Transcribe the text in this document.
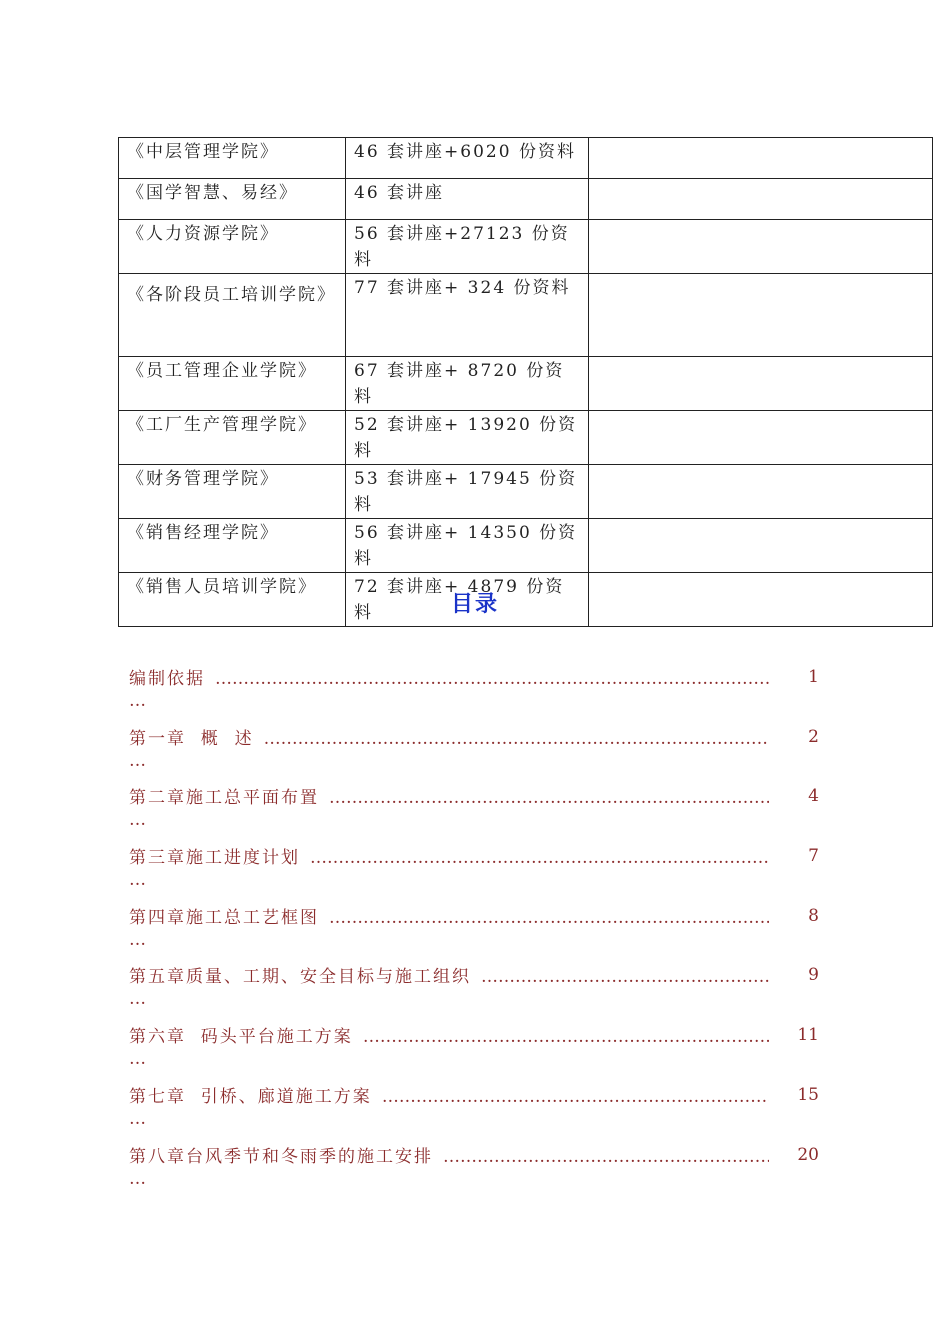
《中层管理学院》	46 套讲座+6020 份资料	
《国学智慧、易经》	46 套讲座	
《人力资源学院》	56 套讲座+27123 份资料	
《各阶段员工培训学院》	77 套讲座+ 324 份资料	
《员工管理企业学院》	67 套讲座+ 8720 份资料	
《工厂生产管理学院》	52 套讲座+ 13920 份资料	
《财务管理学院》	53 套讲座+ 17945 份资料	
《销售经理学院》	56 套讲座+ 14350 份资料	
《销售人员培训学院》	72 套讲座+ 4879 份资料		目录
编制依据 …………………………………………………………………………………………………………………………………………………………	1
…
第一章  概  述 …………………………………………………………………………………………………………………………………………………………	2
…
第二章施工总平面布置 …………………………………………………………………………………………………………………………………………………………	4
…
第三章施工进度计划 …………………………………………………………………………………………………………………………………………………………	7
…
第四章施工总工艺框图 …………………………………………………………………………………………………………………………………………………………	8
…
第五章质量、工期、安全目标与施工组织 …………………………………………………………………………………………………………………………………………………………	9
…
第六章  码头平台施工方案 …………………………………………………………………………………………………………………………………………………………	11
…
第七章  引桥、廊道施工方案 …………………………………………………………………………………………………………………………………………………………	15
…
第八章台风季节和冬雨季的施工安排 …………………………………………………………………………………………………………………………………………………………	20
…
